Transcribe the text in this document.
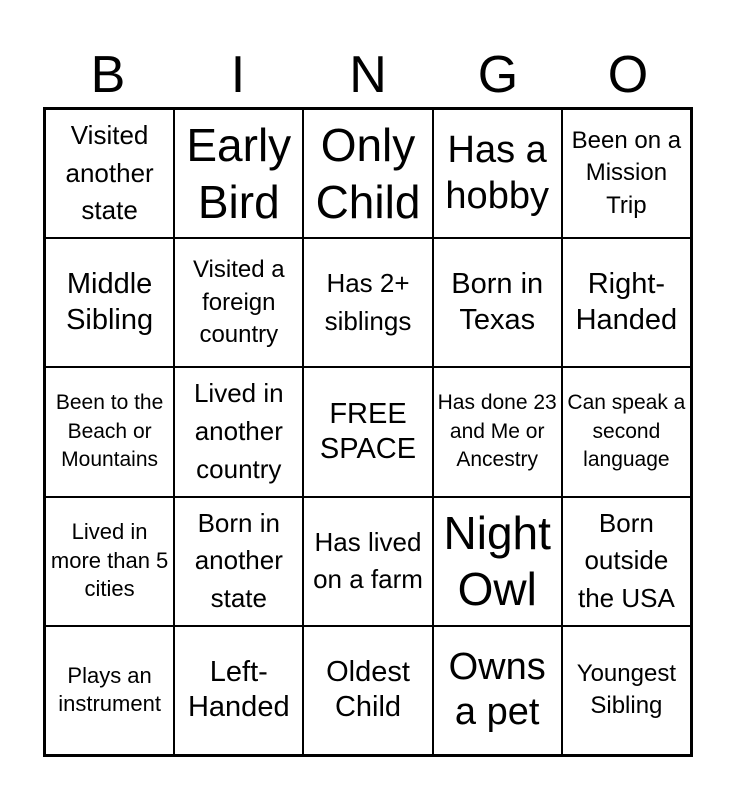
B	I	N	G	O
Visited another state
Early Bird
Only Child
Has a hobby
Been on a Mission Trip
Middle Sibling
Visited a foreign country
Has 2+ siblings
Born in Texas
Right-Handed
Been to the Beach or Mountains
Lived in another country
FREE SPACE
Has done 23 and Me or Ancestry
Can speak a second language
Lived in more than 5 cities
Born in another state
Has lived on a farm
Night Owl
Born outside the USA
Plays an instrument
Left-Handed
Oldest Child
Owns a pet
Youngest Sibling
